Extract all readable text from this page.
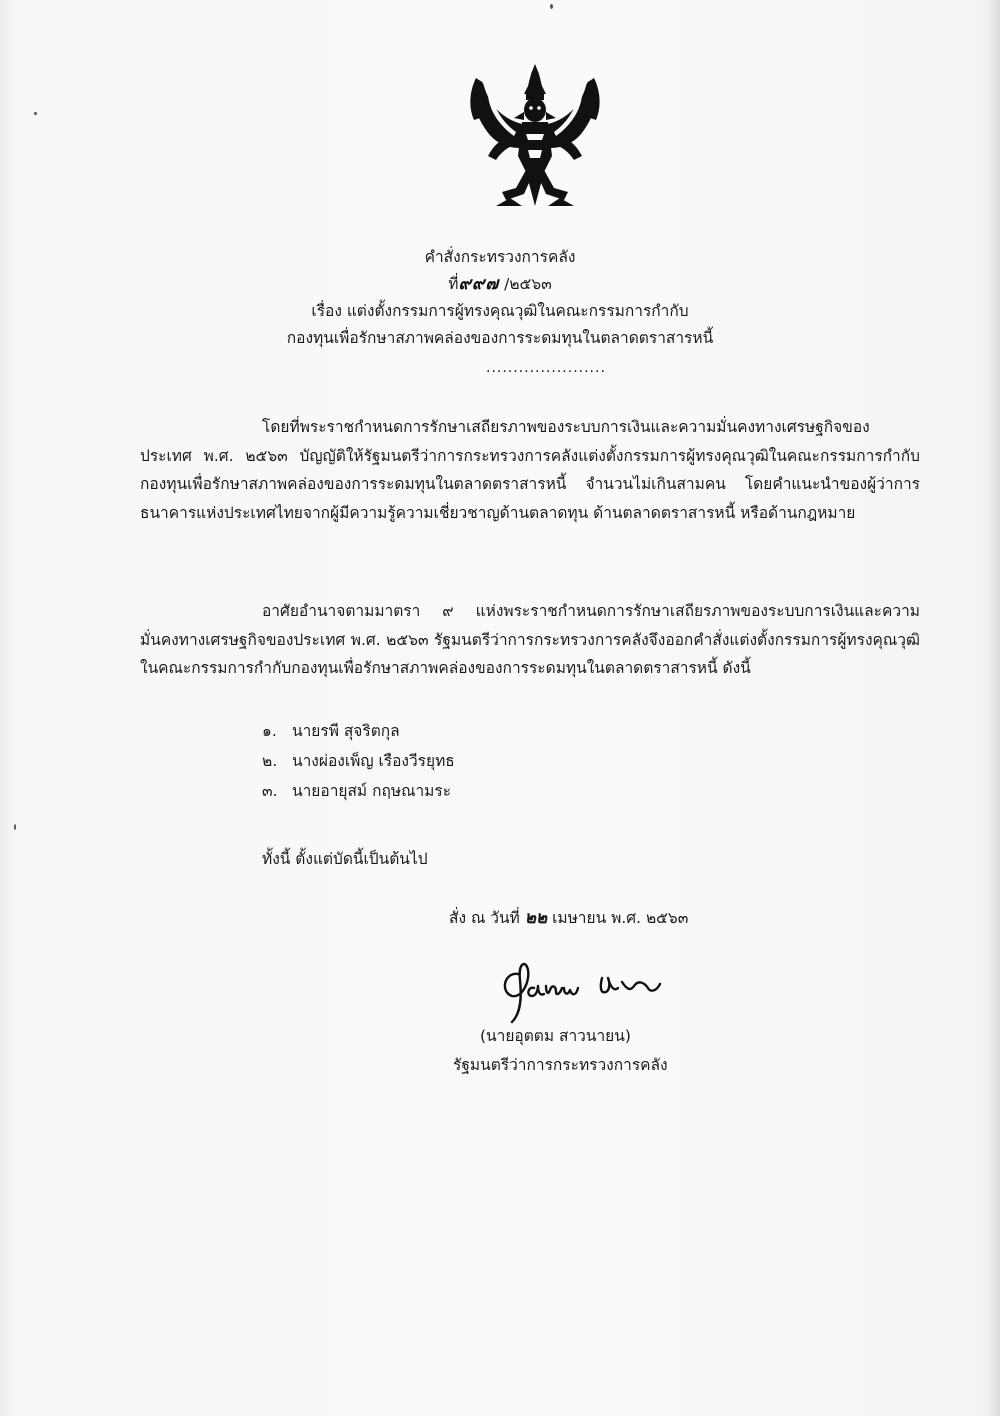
คำสั่งกระทรวงการคลัง
ที่๙๙๗ /๒๕๖๓
เรื่อง แต่งตั้งกรรมการผู้ทรงคุณวุฒิในคณะกรรมการกำกับ
กองทุนเพื่อรักษาสภาพคล่องของการระดมทุนในตลาดตราสารหนี้
......................
โดยที่พระราชกำหนดการรักษาเสถียรภาพของระบบการเงินและความมั่นคงทางเศรษฐกิจของประเทศ พ.ศ. ๒๕๖๓ บัญญัติให้รัฐมนตรีว่าการกระทรวงการคลังแต่งตั้งกรรมการผู้ทรงคุณวุฒิในคณะกรรมการกำกับกองทุนเพื่อรักษาสภาพคล่องของการระดมทุนในตลาดตราสารหนี้ จำนวนไม่เกินสามคน โดยคำแนะนำของผู้ว่าการธนาคารแห่งประเทศไทยจากผู้มีความรู้ความเชี่ยวชาญด้านตลาดทุน ด้านตลาดตราสารหนี้ หรือด้านกฎหมาย
อาศัยอำนาจตามมาตรา ๙ แห่งพระราชกำหนดการรักษาเสถียรภาพของระบบการเงินและความมั่นคงทางเศรษฐกิจของประเทศ พ.ศ. ๒๕๖๓ รัฐมนตรีว่าการกระทรวงการคลังจึงออกคำสั่งแต่งตั้งกรรมการผู้ทรงคุณวุฒิในคณะกรรมการกำกับกองทุนเพื่อรักษาสภาพคล่องของการระดมทุนในตลาดตราสารหนี้ ดังนี้
๑. นายรพี สุจริตกุล
๒. นางผ่องเพ็ญ เรืองวีรยุทธ
๓. นายอายุสม์ กฤษณามระ
ทั้งนี้ ตั้งแต่บัดนี้เป็นต้นไป
สั่ง ณ วันที่ ๒๒ เมษายน พ.ศ. ๒๕๖๓
(นายอุตตม สาวนายน)
รัฐมนตรีว่าการกระทรวงการคลัง
